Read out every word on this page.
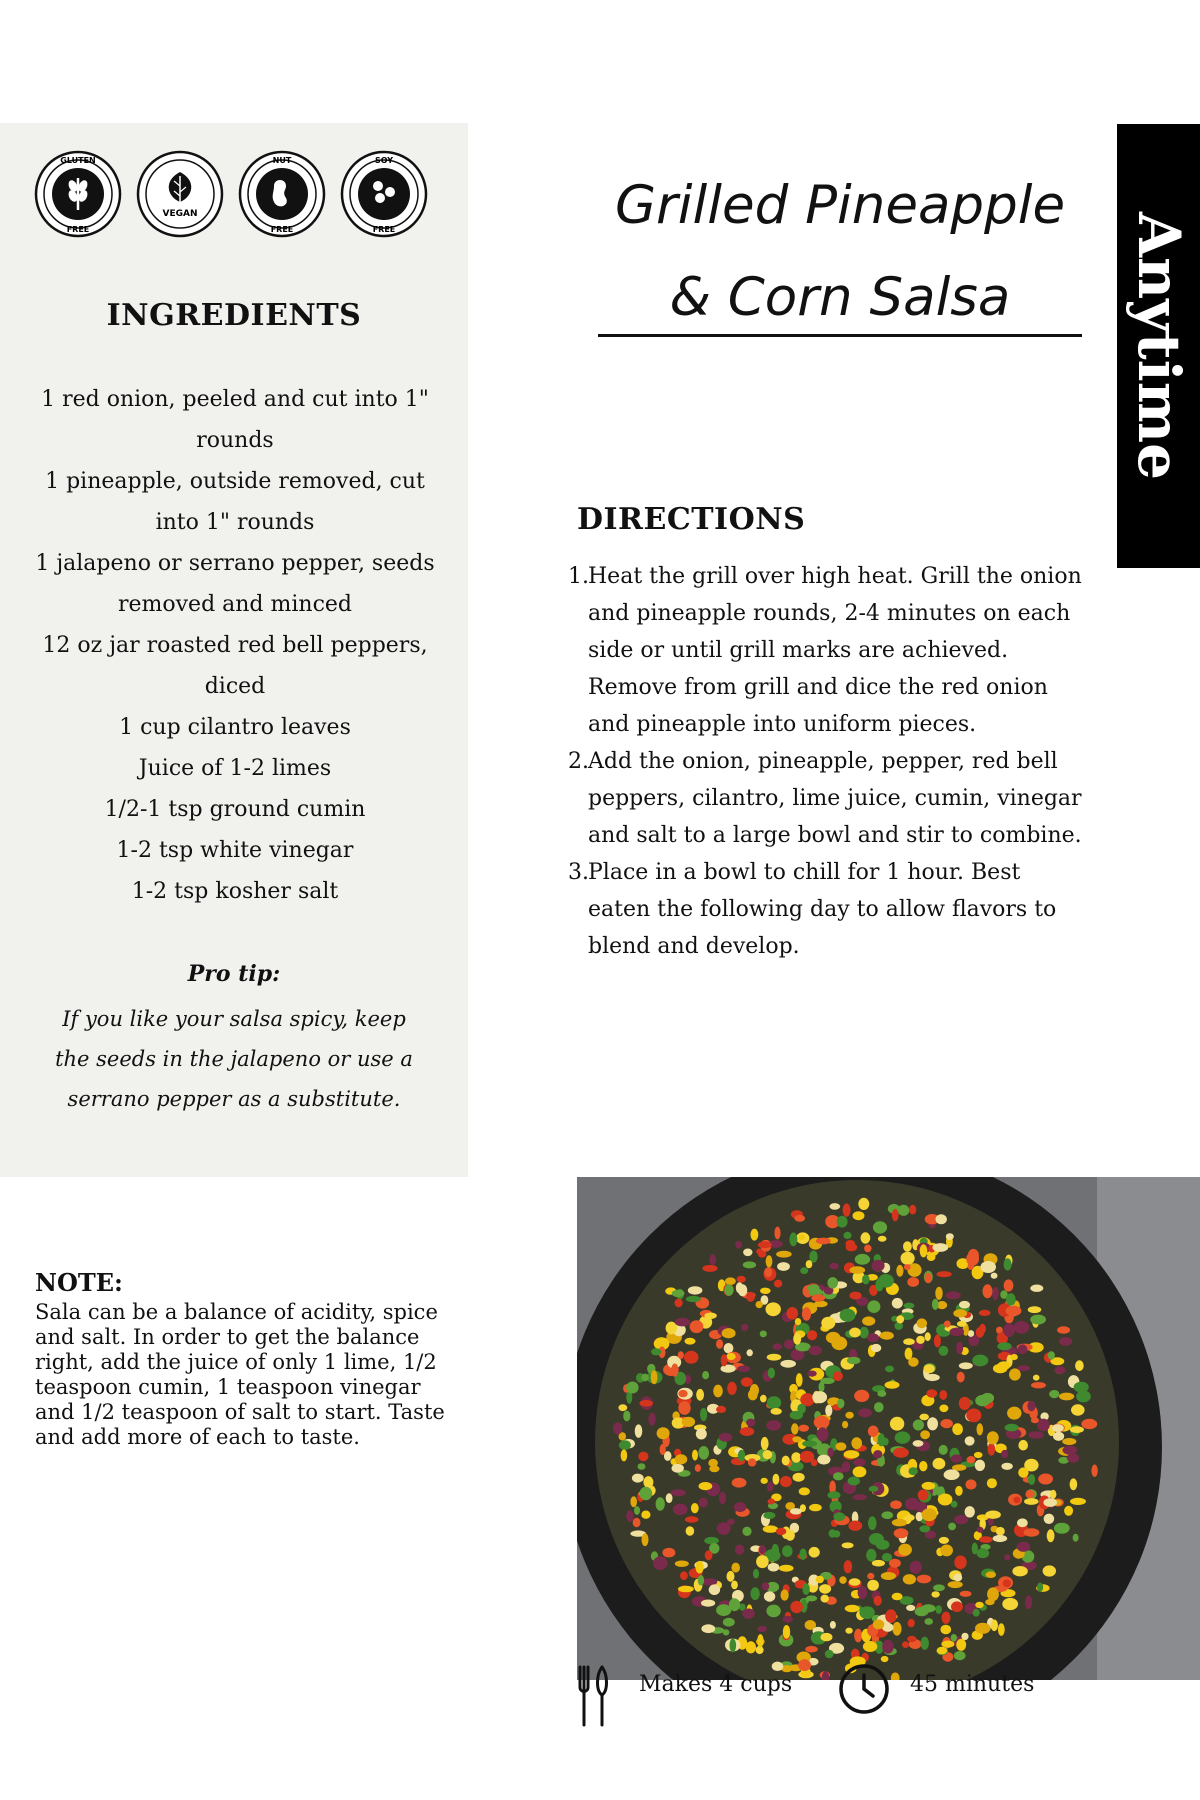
GLUTEN
FREE
VEGAN
NUT
FREE
SOY
FREE
INGREDIENTS
1 red onion, peeled and cut into 1" rounds
1 pineapple, outside removed, cut into 1" rounds
1 jalapeno or serrano pepper, seeds removed and minced
12 oz jar roasted red bell peppers, diced
1 cup cilantro leaves
Juice of 1-2 limes
1/2-1 tsp ground cumin
1-2 tsp white vinegar
1-2 tsp kosher salt
Pro tip:
If you like your salsa spicy, keep the seeds in the jalapeno or use a serrano pepper as a substitute.
Grilled Pineapple & Corn Salsa	Anytime
DIRECTIONS
1. Heat the grill over high heat. Grill the onion and pineapple rounds, 2-4 minutes on each side or until grill marks are achieved. Remove from grill and dice the red onion and pineapple into uniform pieces.
2. Add the onion, pineapple, pepper, red bell peppers, cilantro, lime juice, cumin, vinegar and salt to a large bowl and stir to combine.
3. Place in a bowl to chill for 1 hour. Best eaten the following day to allow flavors to blend and develop.
NOTE:
Sala can be a balance of acidity, spice and salt. In order to get the balance right, add the juice of only 1 lime, 1/2 teaspoon cumin, 1 teaspoon vinegar and 1/2 teaspoon of salt to start. Taste and add more of each to taste.
Makes 4 cups	45 minutes
